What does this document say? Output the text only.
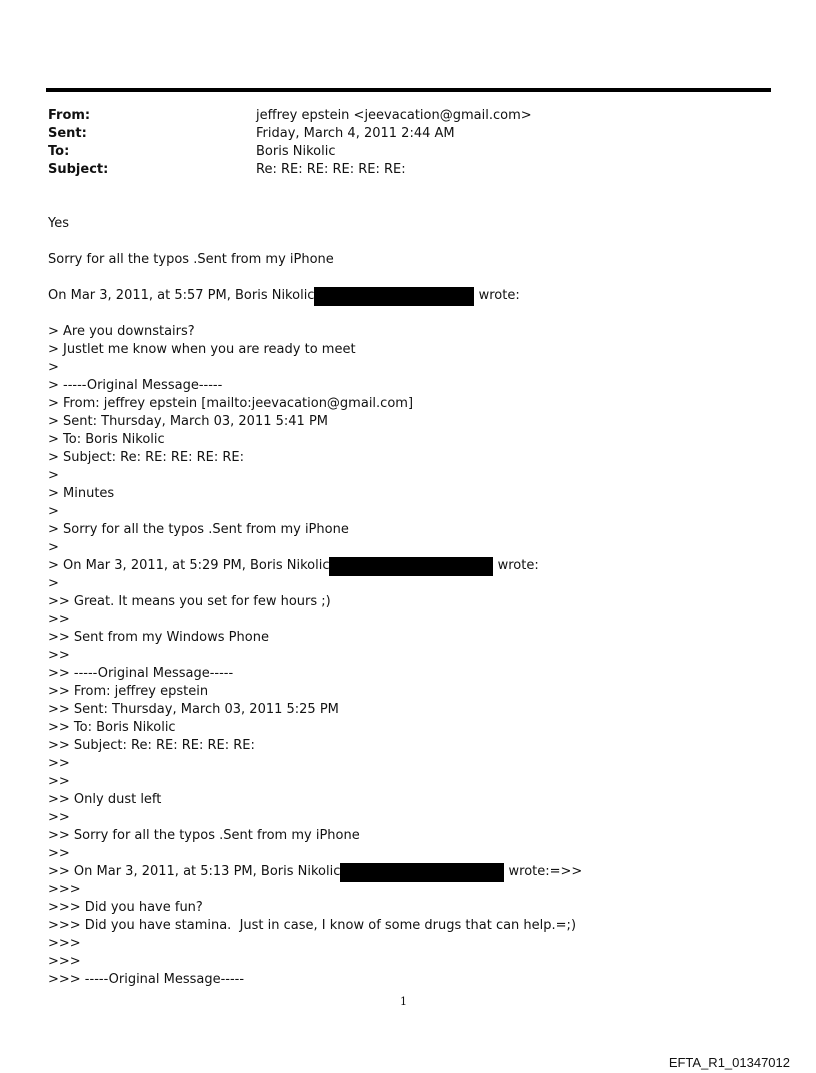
From:	jeffrey epstein <jeevacation@gmail.com>
Sent:	Friday, March 4, 2011 2:44 AM
To:	Boris Nikolic
Subject:	Re: RE: RE: RE: RE: RE:
Yes
Sorry for all the typos .Sent from my iPhone
On Mar 3, 2011, at 5:57 PM, Boris Nikolic	wrote:
> Are you downstairs?
> Justlet me know when you are ready to meet
>
> -----Original Message-----
> From: jeffrey epstein [mailto:jeevacation@gmail.com]
> Sent: Thursday, March 03, 2011 5:41 PM
> To: Boris Nikolic
> Subject: Re: RE: RE: RE: RE:
>
> Minutes
>
> Sorry for all the typos .Sent from my iPhone
>
> On Mar 3, 2011, at 5:29 PM, Boris Nikolic	wrote:
>
>> Great. It means you set for few hours ;)
>>
>> Sent from my Windows Phone
>>
>> -----Original Message-----
>> From: jeffrey epstein
>> Sent: Thursday, March 03, 2011 5:25 PM
>> To: Boris Nikolic
>> Subject: Re: RE: RE: RE: RE:
>>
>>
>> Only dust left
>>
>> Sorry for all the typos .Sent from my iPhone
>>
>> On Mar 3, 2011, at 5:13 PM, Boris Nikolic	wrote:=>>
>>>
>>> Did you have fun?
>>> Did you have stamina.  Just in case, I know of some drugs that can help.=;)
>>>
>>>
>>> -----Original Message-----
1
EFTA_R1_01347012
